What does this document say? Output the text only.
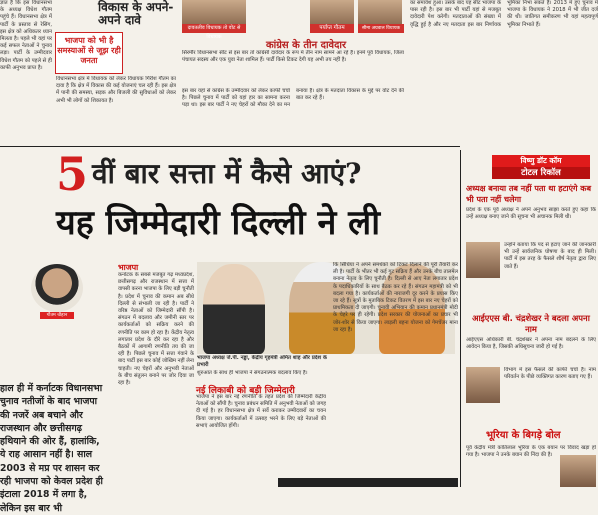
ज्ञात है कि इस विधानसभा के अध्यक्ष विधेश गौतम पहुंचे हैं। विधानसभा क्षेत्र में पार्टी के प्रस्ताव से रेसिंग, इस क्षेत्र को अधिकतर ध्यान मिलता है। पहले भी यहां पर कई सफल नेताओं ने चुनाव लड़ा। पार्टी के उम्मीदवार विधेश गौतम को पहले से ही काफी अनुभव प्राप्त है।

विकास के अपने-अपने दावे

विधानसभा क्षेत्र में विधायक को लेकर विधायक गिरीश गौतम का दावा है कि क्षेत्र में विकास की कई योजनाएं चल रही हैं। इस क्षेत्र में पानी की समस्या, सड़क और बिजली की सुविधाओं को लेकर अभी भी लोगों को शिकायत है।

भाजपा को भी है समस्याओं से जूझ रही जनता
दावतलीव विधायक तो वोट से विधायक
पर्याप्त गौतम	सीमा अग्रवाल विधायक
कांग्रेस के तीन दावेदार

सिरमौर विधानसभा सीट से इस बार तो कांग्रेसी दावेदार के रूप में तीन नाम सामने आ रहे हैं। इनमें पूर्व विधायक, जिला पंचायत सदस्य और एक युवा नेता शामिल हैं। पार्टी किसे टिकट देगी यह अभी तय नहीं है।

इस बार यहां से कांग्रेस के उम्मीदवार को लेकर काफी चर्चा है। पिछले चुनाव में पार्टी को यहां हार का सामना करना पड़ा था। इस बार पार्टी ने नए चेहरों को मौका देने का मन बनाया है। क्षेत्र के मतदाता विकास के मुद्दे पर वोट देने की बात कर रहे हैं।

का समावेश हुआ। उसके बाद यह सीट भाजपा के पास रही है। इस बार भी पार्टी यहां से मजबूत दावेदारी पेश करेगी। मतदाताओं की संख्या में वृद्धि हुई है और नए मतदाता इस बार निर्णायक भूमिका निभा सकते हैं। 2013 में हुए चुनाव में भाजपा के विधायक ने 2018 में भी जीत दर्ज की थी। जातिगत समीकरण भी यहां महत्वपूर्ण भूमिका निभाते हैं।

5 वीं बार सत्ता में कैसे आएं?
यह जिम्मेदारी दिल्ली ने ली
गौतम चौहान
हाल ही में कर्नाटक विधानसभा चुनाव नतीजों के बाद भाजपा की नजरें अब बचाने और राजस्थान और छत्तीसगढ़ हथियाने की ओर हैं, हालांकि, ये राह आसान नहीं है। साल 2003 से मप्र पर शासन कर रही भाजपा को केवल प्रदेश ही इंटाला 2018 में लगा है, लेकिन इस बार भी
भाजपा

कर्नाटक के सबसे मजबूत गढ़ मध्यप्रदेश, छत्तीसगढ़ और राजस्थान में सत्ता में वापसी करना भाजपा के लिए बड़ी चुनौती है। प्रदेश में चुनाव की कमान अब सीधे दिल्ली से संभाली जा रही है। पार्टी ने वरिष्ठ नेताओं को जिम्मेदारी सौंपी है। संगठन में बदलाव और जमीनी स्तर पर कार्यकर्ताओं को सक्रिय करने की रणनीति पर काम हो रहा है। केंद्रीय नेतृत्व लगातार प्रदेश के दौरे कर रहा है और बैठकों में आगामी रणनीति तय की जा रही है। पिछले चुनाव में सत्ता गंवाने के बाद पार्टी इस बार कोई जोखिम नहीं लेना चाहती। नए चेहरों और अनुभवी नेताओं के बीच संतुलन बनाने पर जोर दिया जा रहा है।

भाजपा अध्यक्ष जे.पी. नड्डा, केंद्रीय गृहमंत्री अमित शाह और प्रदेश के प्रभारी

शुरुआत के साथ ही भाजपा ने संगठनात्मक बदलाव किए हैं।

नई लिकाबी को बड़ी जिम्मेदारी

भाजपा ने इस बार नई रणनीति के तहत प्रदेश की जिम्मेदारी केंद्रीय नेताओं को सौंपी है। चुनाव प्रबंधन समिति में अनुभवी नेताओं को जगह दी गई है। हर विधानसभा क्षेत्र में सर्वे कराकर उम्मीदवारों का चयन किया जाएगा। कार्यकर्ताओं में उत्साह भरने के लिए बड़े नेताओं की सभाएं आयोजित होंगी।

कि सिंधिया ने अपने समर्थकों को टिकट दिलाने की पूरी तैयारी कर ली है। पार्टी के भीतर भी कई गुट सक्रिय हैं और उनके बीच तालमेल बनाना नेतृत्व के लिए चुनौती है। दिल्ली से आए नेता लगातार प्रदेश के पदाधिकारियों के साथ बैठक कर रहे हैं। संगठन महामंत्री को भी बदला गया है। कार्यकर्ताओं की नाराजगी दूर करने के प्रयास किए जा रहे हैं। सूत्रों के मुताबिक टिकट वितरण में इस बार नए चेहरों को प्राथमिकता दी जाएगी। चुनावी अभियान की कमान प्रधानमंत्री मोदी के चेहरे पर ही रहेगी। प्रदेश सरकार की योजनाओं का प्रचार भी जोर-शोर से किया जाएगा। लाड़ली बहना योजना को गेमचेंजर माना जा रहा है।

विष्णु डॉट कॉम
टोटल रिकॉल
अध्यक्ष बनाया तब नहीं पता था हटाएंगे कब भी पता नहीं चलेगा

प्रदेश के एक पूर्व अध्यक्ष ने अपने अनुभव साझा करते हुए कहा कि उन्हें अध्यक्ष बनाए जाने की सूचना भी अचानक मिली थी।

उन्होंने बताया कि पद से हटाए जाने की जानकारी भी उन्हें सार्वजनिक घोषणा के बाद ही मिली। पार्टी में इस तरह के फैसले शीर्ष नेतृत्व द्वारा लिए जाते हैं।

आईएएस बी. चंद्रशेखर ने बदला अपना नाम

आईएएस अधिकारी बी. चंद्रशेखर ने अपना नाम बदलने के लिए आवेदन किया है, जिसकी अधिसूचना जारी हो गई है।

विभाग में इस फैसले की काफी चर्चा है। नाम परिवर्तन के पीछे व्यक्तिगत कारण बताए गए हैं।

भूरिया के बिगड़े बोल

पूर्व केंद्रीय मंत्री कांतिलाल भूरिया के एक बयान पर विवाद खड़ा हो गया है। भाजपा ने उनके बयान की निंदा की है।
